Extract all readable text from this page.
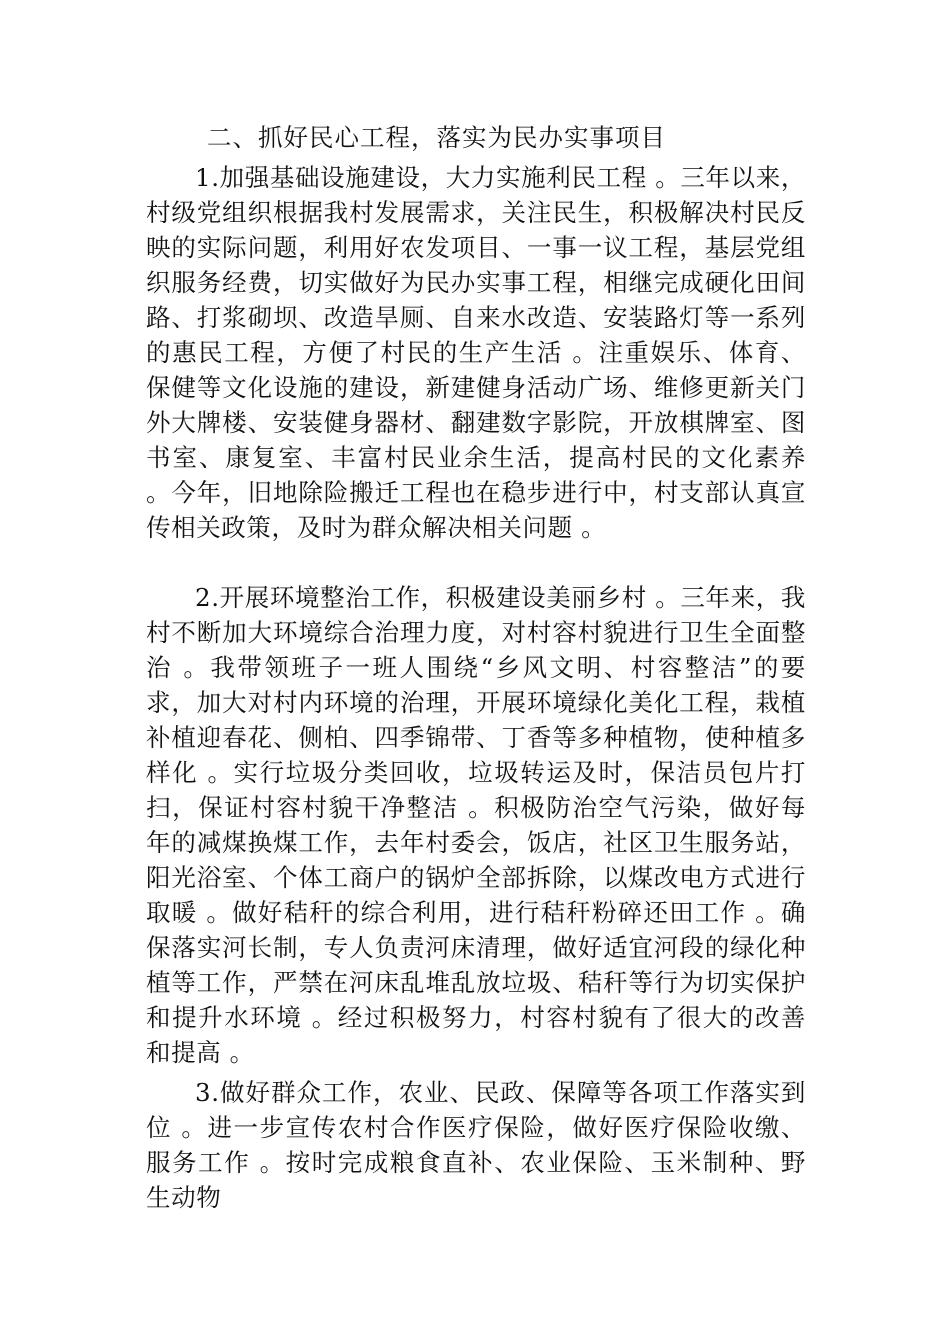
二、抓好民心工程，落实为民办实事项目

1.加强基础设施建设，大力实施利民工程 。三年以来，村级党组织根据我村发展需求，关注民生，积极解决村民反映的实际问题，利用好农发项目、一事一议工程，基层党组织服务经费，切实做好为民办实事工程，相继完成硬化田间路、打浆砌坝、改造旱厕、自来水改造、安装路灯等一系列的惠民工程，方便了村民的生产生活 。注重娱乐、体育、保健等文化设施的建设，新建健身活动广场、维修更新关门外大牌楼、安装健身器材、翻建数字影院，开放棋牌室、图书室、康复室、丰富村民业余生活，提高村民的文化素养 。今年，旧地除险搬迁工程也在稳步进行中，村支部认真宣传相关政策，及时为群众解决相关问题 。

2.开展环境整治工作，积极建设美丽乡村 。三年来，我村不断加大环境综合治理力度，对村容村貌进行卫生全面整治 。我带领班子一班人围绕“乡风文明、村容整洁”的要求，加大对村内环境的治理，开展环境绿化美化工程，栽植补植迎春花、侧柏、四季锦带、丁香等多种植物，使种植多样化 。实行垃圾分类回收，垃圾转运及时，保洁员包片打扫，保证村容村貌干净整洁 。积极防治空气污染，做好每年的减煤换煤工作，去年村委会，饭店，社区卫生服务站，阳光浴室、个体工商户的锅炉全部拆除，以煤改电方式进行取暖 。做好秸秆的综合利用，进行秸秆粉碎还田工作 。确保落实河长制，专人负责河床清理，做好适宜河段的绿化种植等工作，严禁在河床乱堆乱放垃圾、秸秆等行为切实保护和提升水环境 。经过积极努力，村容村貌有了很大的改善和提高 。

3.做好群众工作，农业、民政、保障等各项工作落实到位 。进一步宣传农村合作医疗保险，做好医疗保险收缴、服务工作 。按时完成粮食直补、农业保险、玉米制种、野生动物
